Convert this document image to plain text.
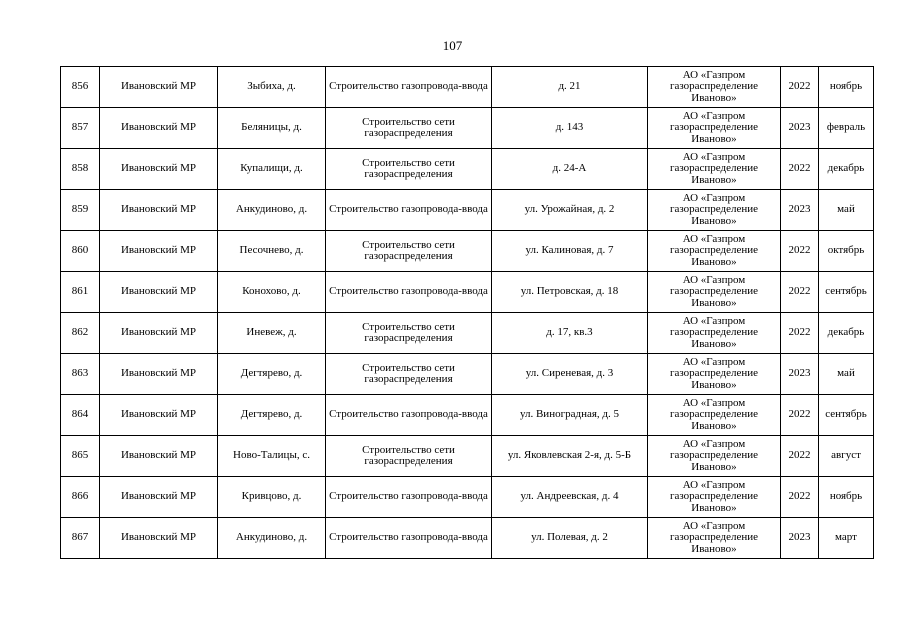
107
856	Ивановский МР	Зыбиха, д.	Строительство газопровода-ввода	д. 21	АО «Газпром газораспределение Иваново»	2022	ноябрь
857	Ивановский МР	Беляницы, д.	Строительство сети газораспределения	д. 143	АО «Газпром газораспределение Иваново»	2023	февраль
858	Ивановский МР	Купалищи, д.	Строительство сети газораспределения	д. 24-А	АО «Газпром газораспределение Иваново»	2022	декабрь
859	Ивановский МР	Анкудиново, д.	Строительство газопровода-ввода	ул. Урожайная, д. 2	АО «Газпром газораспределение Иваново»	2023	май
860	Ивановский МР	Песочнево, д.	Строительство сети газораспределения	ул. Калиновая, д. 7	АО «Газпром газораспределение Иваново»	2022	октябрь
861	Ивановский МР	Конохово, д.	Строительство газопровода-ввода	ул. Петровская, д. 18	АО «Газпром газораспределение Иваново»	2022	сентябрь
862	Ивановский МР	Иневеж, д.	Строительство сети газораспределения	д. 17, кв.3	АО «Газпром газораспределение Иваново»	2022	декабрь
863	Ивановский МР	Дегтярево, д.	Строительство сети газораспределения	ул. Сиреневая, д. 3	АО «Газпром газораспределение Иваново»	2023	май
864	Ивановский МР	Дегтярево, д.	Строительство газопровода-ввода	ул. Виноградная, д. 5	АО «Газпром газораспределение Иваново»	2022	сентябрь
865	Ивановский МР	Ново-Талицы, с.	Строительство сети газораспределения	ул. Яковлевская 2-я, д. 5-Б	АО «Газпром газораспределение Иваново»	2022	август
866	Ивановский МР	Кривцово, д.	Строительство газопровода-ввода	ул. Андреевская, д. 4	АО «Газпром газораспределение Иваново»	2022	ноябрь
867	Ивановский МР	Анкудиново, д.	Строительство газопровода-ввода	ул. Полевая, д. 2	АО «Газпром газораспределение Иваново»	2023	март
